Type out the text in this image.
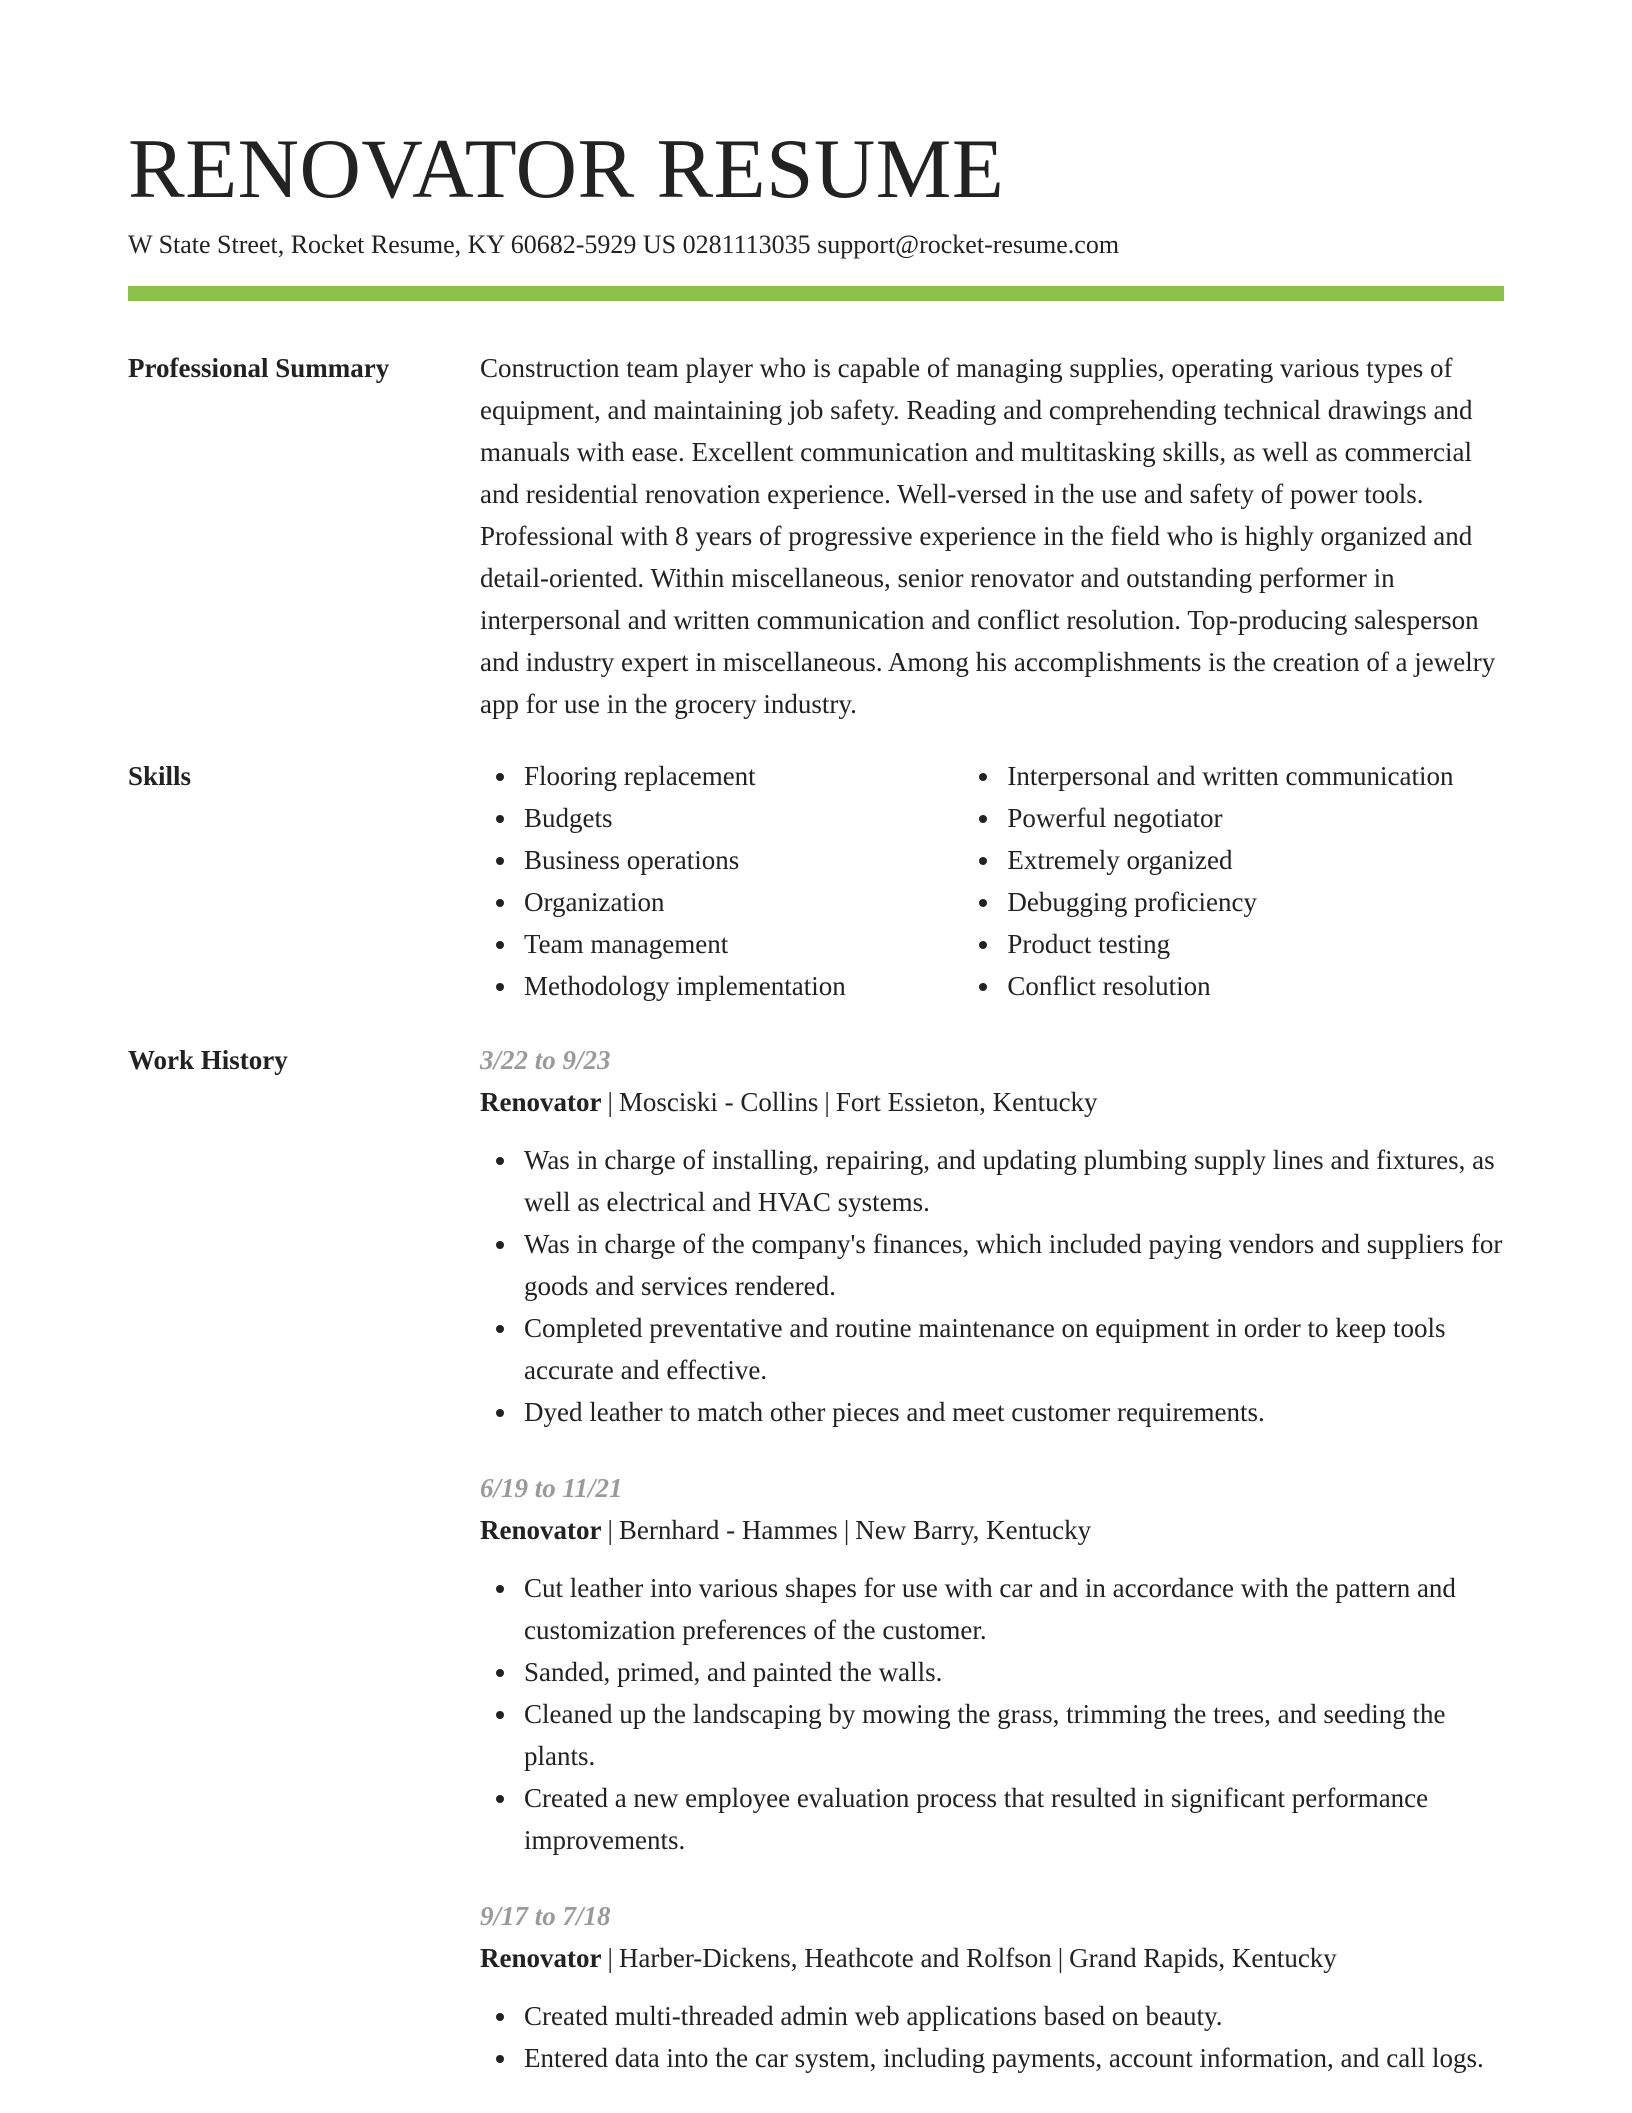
RENOVATOR RESUME
W State Street, Rocket Resume, KY 60682-5929 US 0281113035 support@rocket-resume.com
Professional Summary	Construction team player who is capable of managing supplies, operating various types of equipment, and maintaining job safety. Reading and comprehending technical drawings and manuals with ease. Excellent communication and multitasking skills, as well as commercial and residential renovation experience. Well-versed in the use and safety of power tools. Professional with 8 years of progressive experience in the field who is highly organized and detail-oriented. Within miscellaneous, senior renovator and outstanding performer in interpersonal and written communication and conflict resolution. Top-producing salesperson and industry expert in miscellaneous. Among his accomplishments is the creation of a jewelry app for use in the grocery industry.

Skills	Flooring replacement
Budgets
Business operations
Organization
Team management
Methodology implementation
Interpersonal and written communication
Powerful negotiator
Extremely organized
Debugging proficiency
Product testing
Conflict resolution
Work History	3/22 to 9/23
Renovator | Mosciski - Collins | Fort Essieton, Kentucky
Was in charge of installing, repairing, and updating plumbing supply lines and fixtures, as well as electrical and HVAC systems.
Was in charge of the company's finances, which included paying vendors and suppliers for goods and services rendered.
Completed preventative and routine maintenance on equipment in order to keep tools accurate and effective.
Dyed leather to match other pieces and meet customer requirements.
6/19 to 11/21
Renovator | Bernhard - Hammes | New Barry, Kentucky
Cut leather into various shapes for use with car and in accordance with the pattern and customization preferences of the customer.
Sanded, primed, and painted the walls.
Cleaned up the landscaping by mowing the grass, trimming the trees, and seeding the plants.
Created a new employee evaluation process that resulted in significant performance improvements.
9/17 to 7/18
Renovator | Harber-Dickens, Heathcote and Rolfson | Grand Rapids, Kentucky
Created multi-threaded admin web applications based on beauty.
Entered data into the car system, including payments, account information, and call logs.
